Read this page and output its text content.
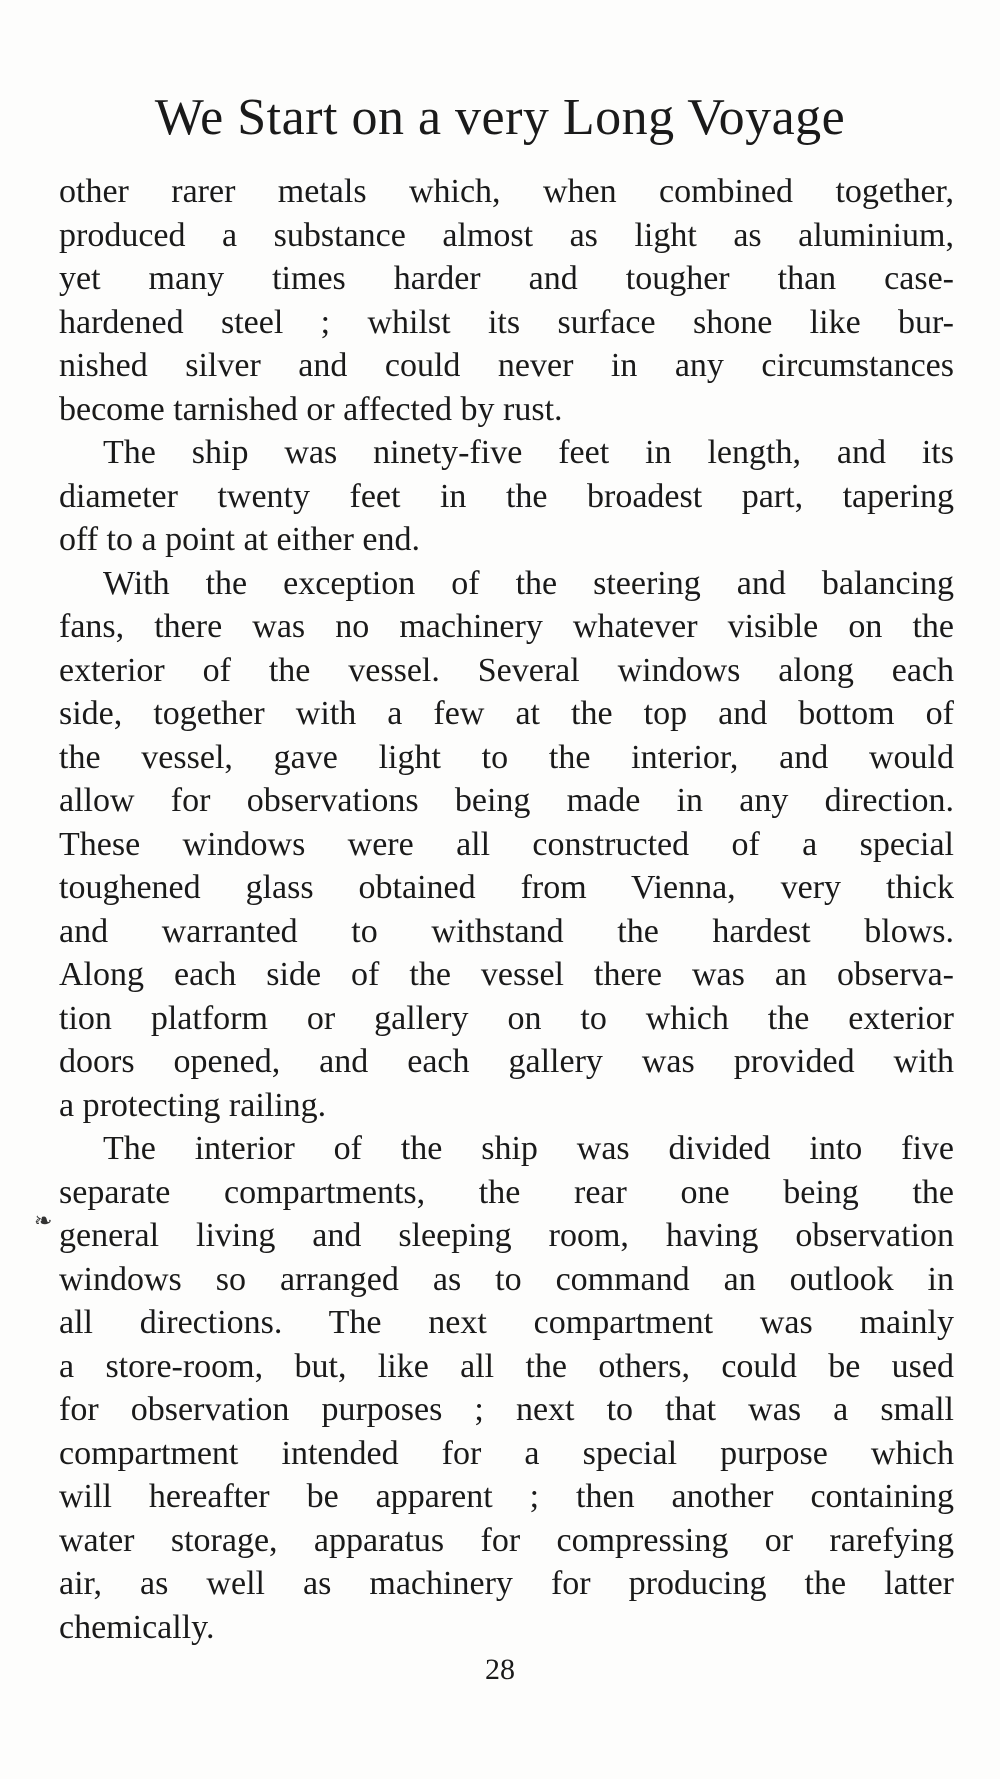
We Start on a very Long Voyage

other rarer metals which, when combined together,
produced a substance almost as light as aluminium,
yet many times harder and tougher than case-
hardened steel ; whilst its surface shone like bur-
nished silver and could never in any circumstances
become tarnished or affected by rust.

The ship was ninety-five feet in length, and its
diameter twenty feet in the broadest part, tapering
off to a point at either end.

With the exception of the steering and balancing
fans, there was no machinery whatever visible on the
exterior of the vessel. Several windows along each
side, together with a few at the top and bottom of
the vessel, gave light to the interior, and would
allow for observations being made in any direction.
These windows were all constructed of a special
toughened glass obtained from Vienna, very thick
and warranted to withstand the hardest blows.
Along each side of the vessel there was an observa-
tion platform or gallery on to which the exterior
doors opened, and each gallery was provided with
a protecting railing.

The interior of the ship was divided into five
separate compartments, the rear one being the
general living and sleeping room, having observation
windows so arranged as to command an outlook in
all directions. The next compartment was mainly
a store-room, but, like all the others, could be used
for observation purposes ; next to that was a small
compartment intended for a special purpose which
will hereafter be apparent ; then another containing
water storage, apparatus for compressing or rarefying
air, as well as machinery for producing the latter
chemically.

❧
28
